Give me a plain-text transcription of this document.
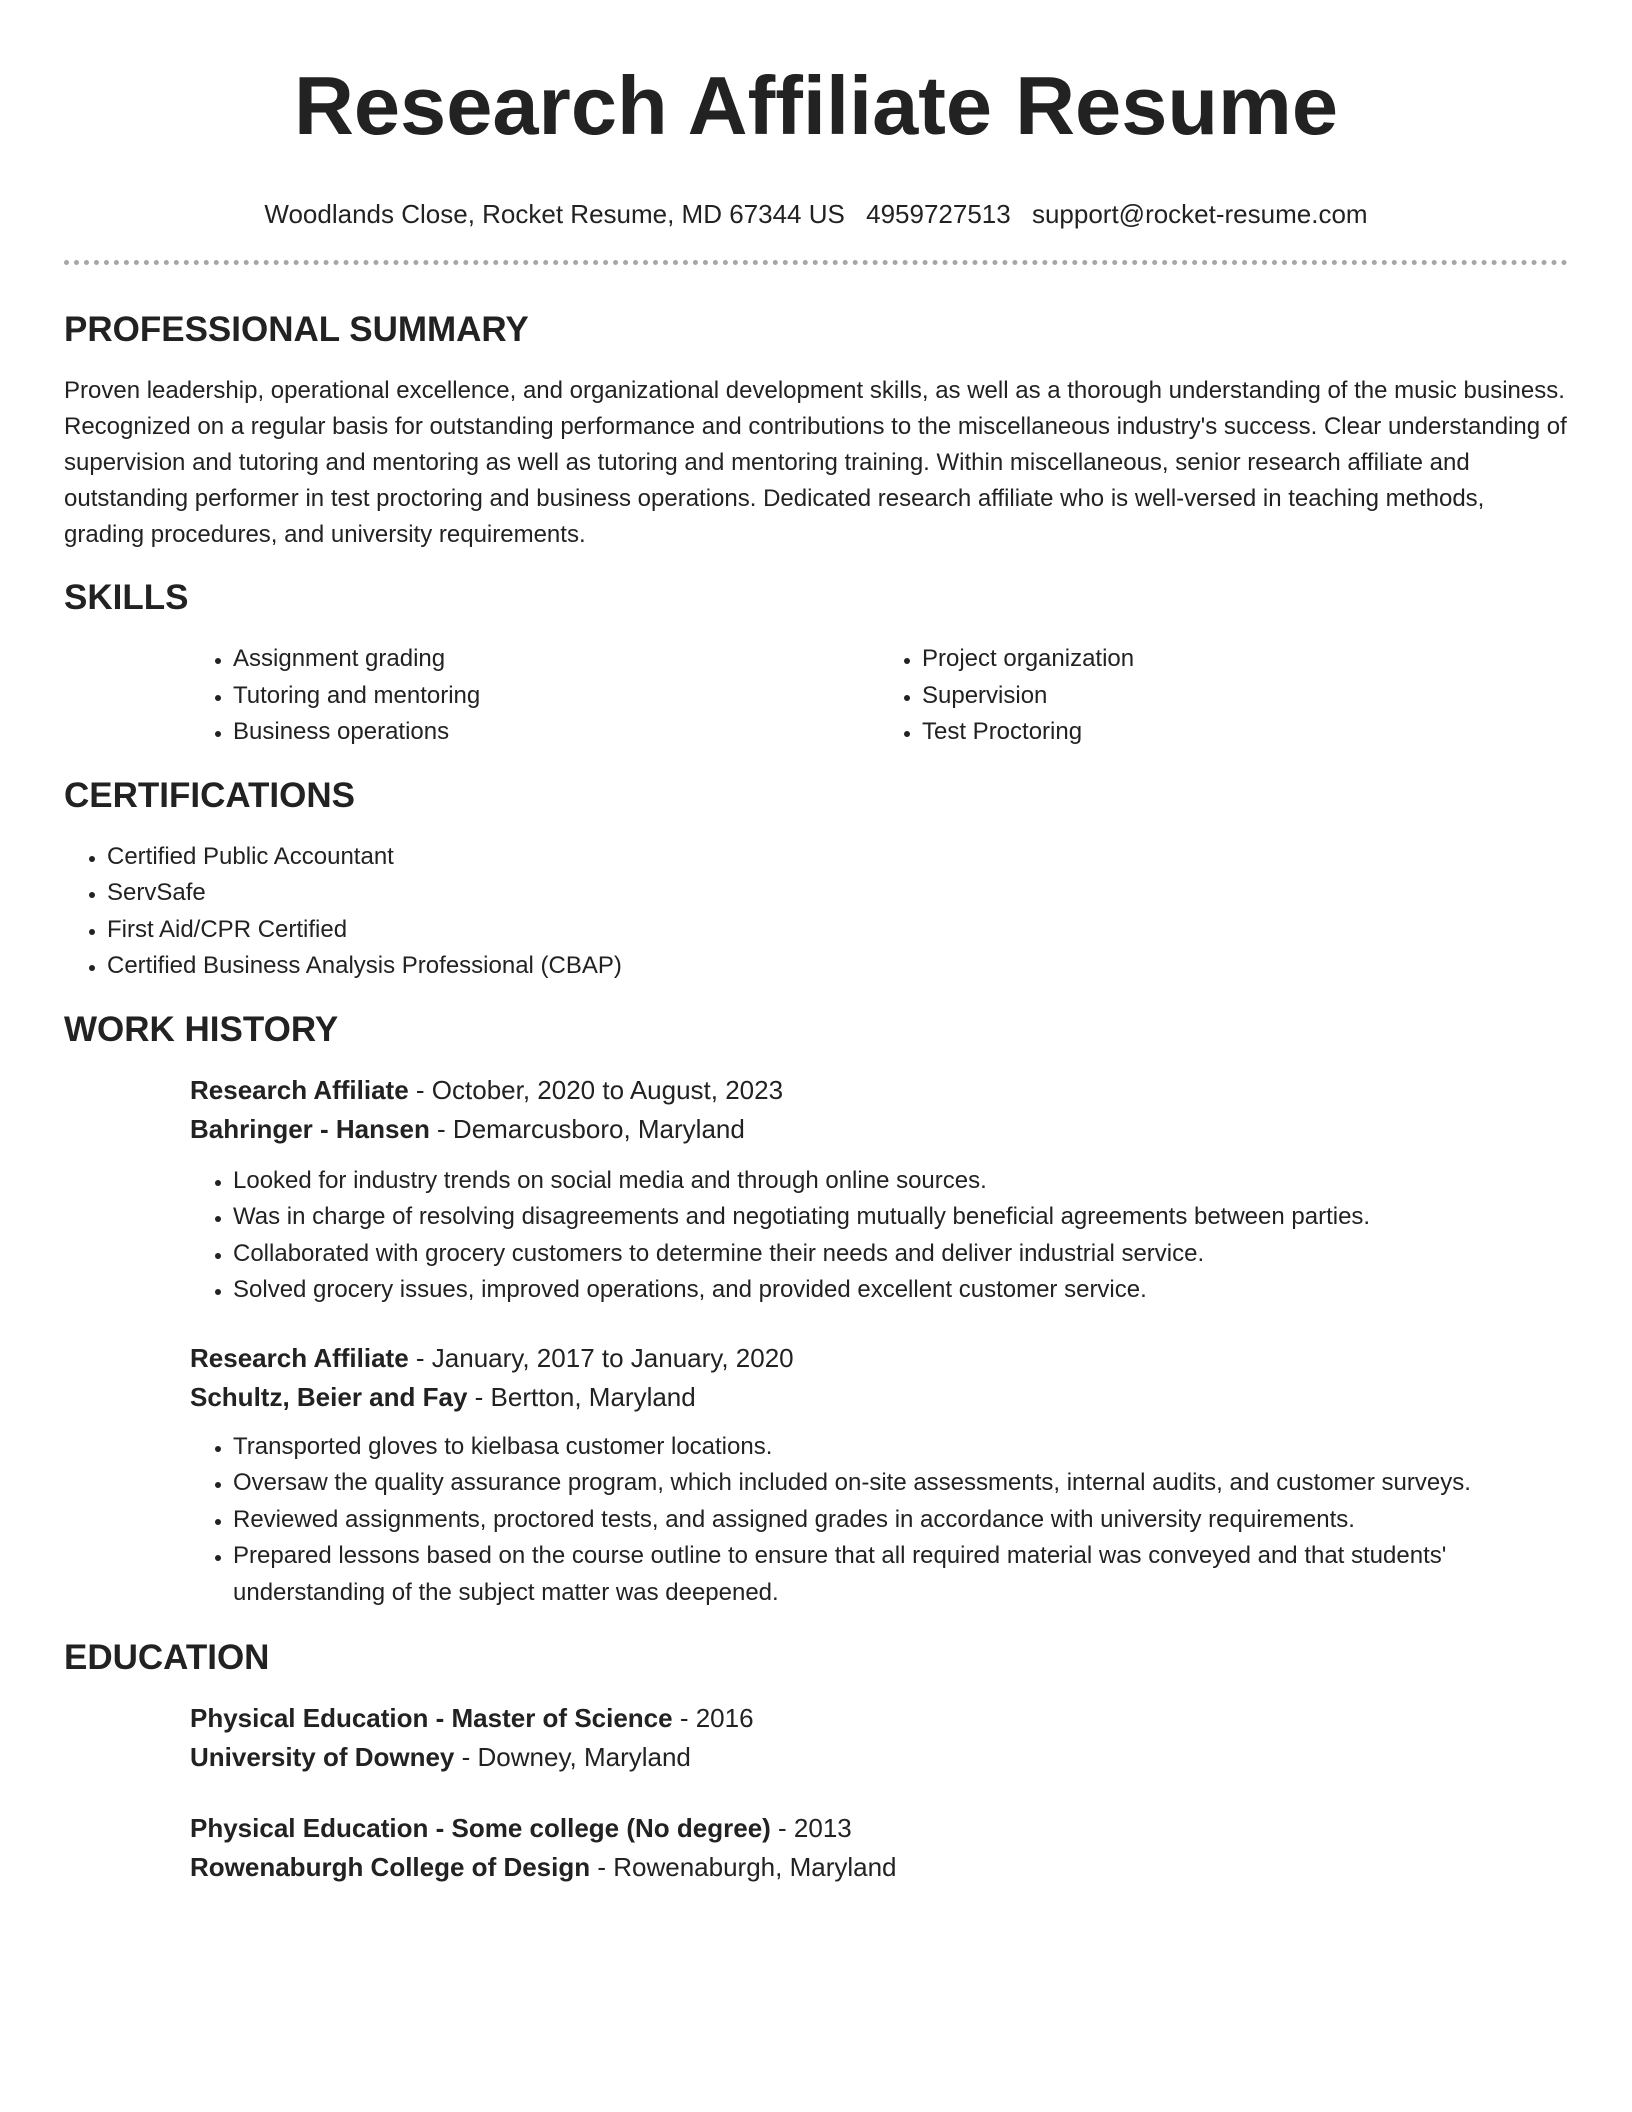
Research Affiliate Resume
Woodlands Close, Rocket Resume, MD 67344 US 4959727513 support@rocket-resume.com
PROFESSIONAL SUMMARY

Proven leadership, operational excellence, and organizational development skills, as well as a thorough understanding of the music business. Recognized on a regular basis for outstanding performance and contributions to the miscellaneous industry's success. Clear understanding of supervision and tutoring and mentoring as well as tutoring and mentoring training. Within miscellaneous, senior research affiliate and outstanding performer in test proctoring and business operations. Dedicated research affiliate who is well-versed in teaching methods, grading procedures, and university requirements.

SKILLS
• Assignment grading
• Tutoring and mentoring
• Business operations
• Project organization
• Supervision
• Test Proctoring
CERTIFICATIONS
• Certified Public Accountant
• ServSafe
• First Aid/CPR Certified
• Certified Business Analysis Professional (CBAP)
WORK HISTORY
Research Affiliate - October, 2020 to August, 2023
Bahringer - Hansen - Demarcusboro, Maryland
• Looked for industry trends on social media and through online sources.
• Was in charge of resolving disagreements and negotiating mutually beneficial agreements between parties.
• Collaborated with grocery customers to determine their needs and deliver industrial service.
• Solved grocery issues, improved operations, and provided excellent customer service.
Research Affiliate - January, 2017 to January, 2020
Schultz, Beier and Fay - Bertton, Maryland
• Transported gloves to kielbasa customer locations.
• Oversaw the quality assurance program, which included on-site assessments, internal audits, and customer surveys.
• Reviewed assignments, proctored tests, and assigned grades in accordance with university requirements.
• Prepared lessons based on the course outline to ensure that all required material was conveyed and that students' understanding of the subject matter was deepened.
EDUCATION
Physical Education - Master of Science - 2016
University of Downey - Downey, Maryland
Physical Education - Some college (No degree) - 2013
Rowenaburgh College of Design - Rowenaburgh, Maryland
